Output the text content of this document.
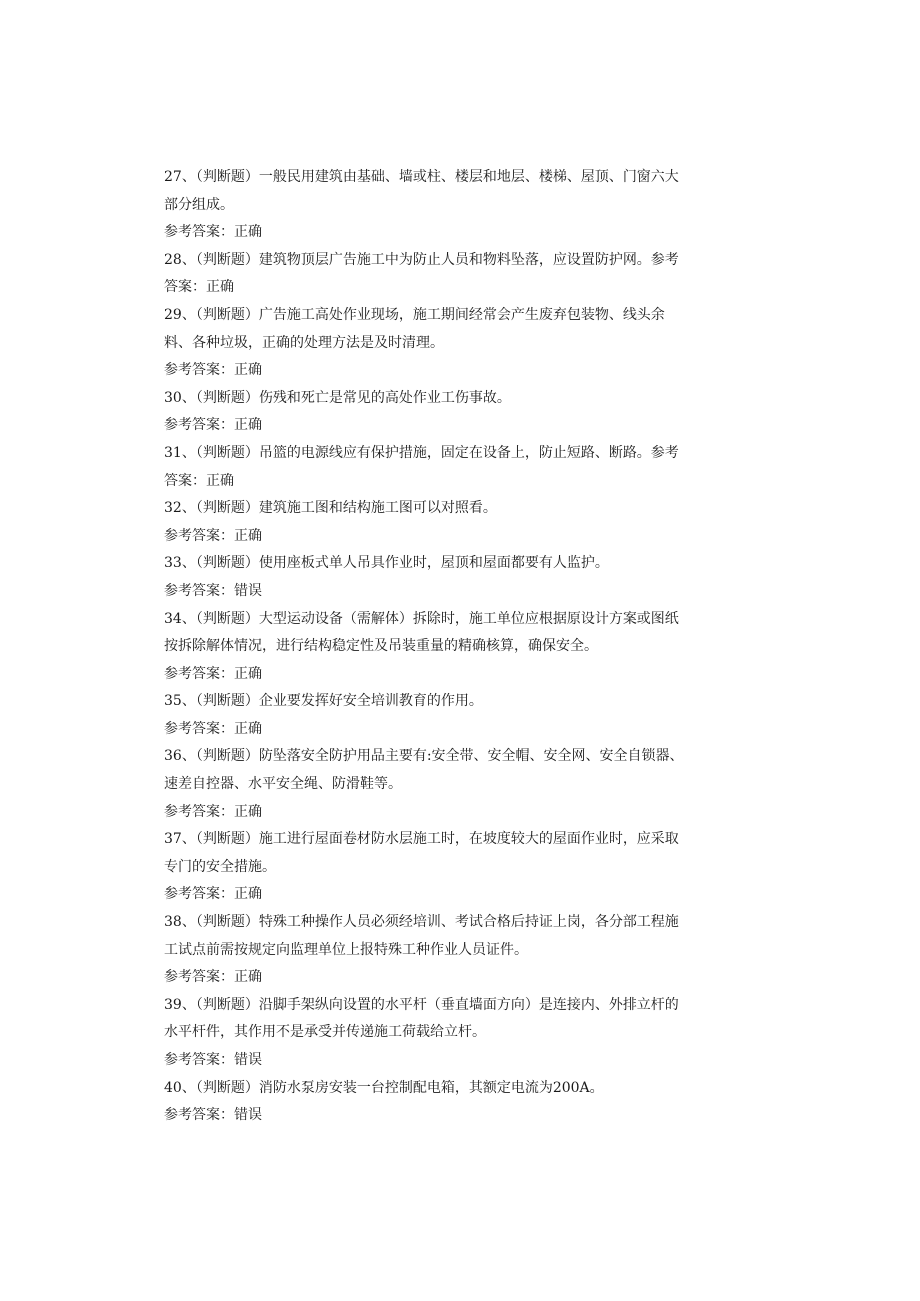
27、（判断题）一般民用建筑由基础、墙或柱、楼层和地层、楼梯、屋顶、门窗六大
部分组成。
参考答案：正确
28、（判断题）建筑物顶层广告施工中为防止人员和物料坠落，应设置防护网。参考
答案：正确
29、（判断题）广告施工高处作业现场，施工期间经常会产生废弃包装物、线头余
料、各种垃圾，正确的处理方法是及时清理。
参考答案：正确
30、（判断题）伤残和死亡是常见的高处作业工伤事故。
参考答案：正确
31、（判断题）吊篮的电源线应有保护措施，固定在设备上，防止短路、断路。参考
答案：正确
32、（判断题）建筑施工图和结构施工图可以对照看。
参考答案：正确
33、（判断题）使用座板式单人吊具作业时，屋顶和屋面都要有人监护。
参考答案：错误
34、（判断题）大型运动设备（需解体）拆除时，施工单位应根据原设计方案或图纸
按拆除解体情况，进行结构稳定性及吊装重量的精确核算，确保安全。
参考答案：正确
35、（判断题）企业要发挥好安全培训教育的作用。
参考答案：正确
36、（判断题）防坠落安全防护用品主要有:安全带、安全帽、安全网、安全自锁器、
速差自控器、水平安全绳、防滑鞋等。
参考答案：正确
37、（判断题）施工进行屋面卷材防水层施工时，在坡度较大的屋面作业时，应采取
专门的安全措施。
参考答案：正确
38、（判断题）特殊工种操作人员必须经培训、考试合格后持证上岗，各分部工程施
工试点前需按规定向监理单位上报特殊工种作业人员证件。
参考答案：正确
39、（判断题）沿脚手架纵向设置的水平杆（垂直墙面方向）是连接内、外排立杆的
水平杆件，其作用不是承受并传递施工荷载给立杆。
参考答案：错误
40、（判断题）消防水泵房安装一台控制配电箱，其额定电流为200A。
参考答案：错误
